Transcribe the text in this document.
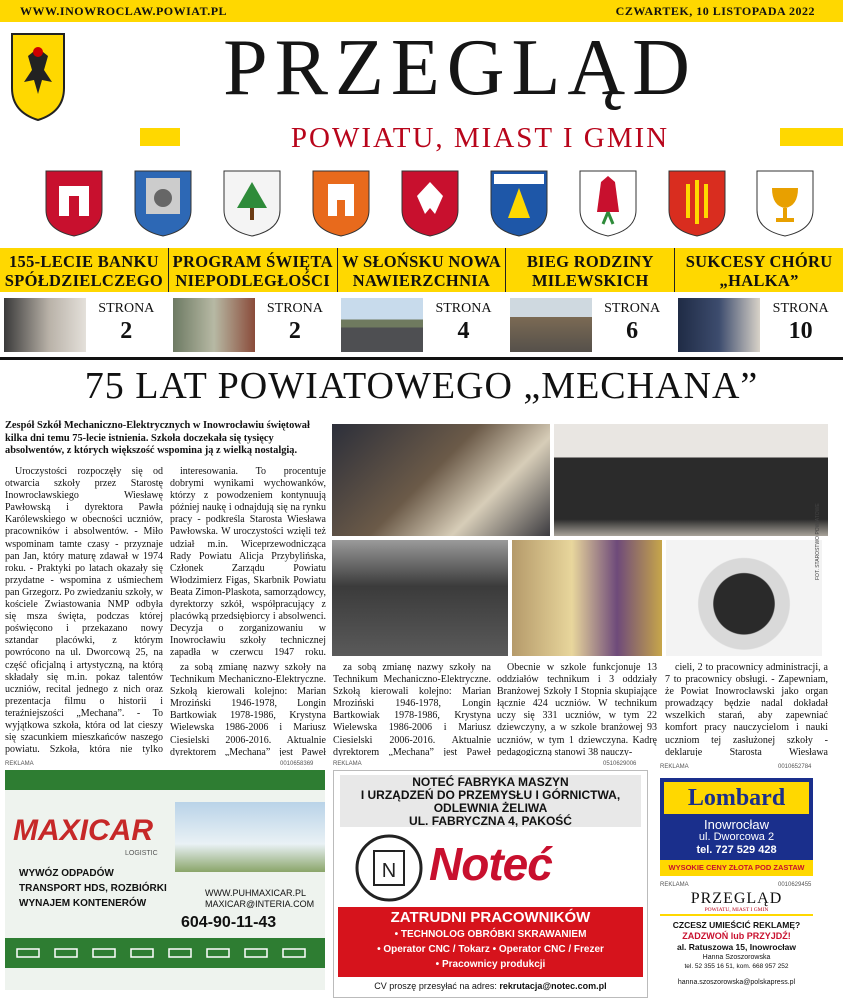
WWW.INOWROCLAW.POWIAT.PL	CZWARTEK, 10 LISTOPADA 2022
PRZEGLĄD
POWIATU, MIAST I GMIN
155-LECIE BANKU
SPÓŁDZIELCZEGO
PROGRAM ŚWIĘTA
NIEPODLEGŁOŚCI
W SŁOŃSKU NOWA
NAWIERZCHNIA
BIEG RODZINY
MILEWSKICH
SUKCESY CHÓRU
„HALKA”
STRONA
2
STRONA
2
STRONA
4
STRONA
6
STRONA
10
75 LAT POWIATOWEGO „MECHANA”
Zespół Szkół Mechaniczno-Elektrycznych w Inowrocławiu świętował kilka dni temu 75-lecie istnienia. Szkoła doczekała się tysięcy absolwentów, z których większość wspomina ją z wielką nostalgią.

Uroczystości rozpoczęły się od otwarcia szkoły przez Starostę Inowrocławskiego Wiesławę Pawłowską i dyrektora Pawła Karólewskiego w obecności uczniów, pracowników i absolwentów. - Miło wspominam tamte czasy - przyznaje pan Jan, który maturę zdawał w 1974 roku. - Praktyki po latach okazały się przydatne - wspomina z uśmiechem pan Grzegorz. Po zwiedzaniu szkoły, w kościele Zwiastowania NMP odbyła się msza święta, podczas której poświęcono i przekazano nowy sztandar placówki, z którym powrócono na ul. Dworcową 25, na część oficjalną i artystyczną, na którą składały się m.in. pokaz talentów uczniów, recital jednego z nich oraz prezentacja filmu o historii i teraźniejszości „Mechana”. - To wyjątkowa szkoła, która od lat cieszy się szacunkiem mieszkańców naszego powiatu. Szkoła, która nie tylko

interesowania. To procentuje dobrymi wynikami wychowanków, którzy z powodzeniem kontynuują później naukę i odnajdują się na rynku pracy - podkreśla Starosta Wiesława Pawłowska. W uroczystości wzięli też udział m.in. Wiceprzewodnicząca Rady Powiatu Alicja Przybylińska, Członek Zarządu Powiatu Włodzimierz Figas, Skarbnik Powiatu Beata Zimon-Plaskota, samorządowcy, dyrektorzy szkół, współpracujący z placówką przedsiębiorcy i absolwenci. Decyzja o zorganizowaniu w Inowrocławiu szkoły technicznej zapadła w czerwcu 1947 roku.

za sobą zmianę nazwy szkoły na Technikum Mechaniczno-Elektryczne. Szkołą kierowali kolejno: Marian Mroziński 1946-1978, Longin Bartkowiak 1978-1986, Krystyna Wielewska 1986-2006 i Mariusz Ciesielski 2006-2016. Aktualnie dyrektorem „Mechana” jest Paweł

Obecnie w szkole funkcjonuje 13 oddziałów technikum i 3 oddziały Branżowej Szkoły I Stopnia skupiające łącznie 424 uczniów. W technikum uczy się 331 uczniów, w tym 22 dziewczyny, a w szkole branżowej 93 uczniów, w tym 1 dziewczyna. Kadrę pedagogiczną stanowi 38 nauczy-

za sobą zmianę nazwy szkoły na Technikum Mechaniczno-Elektryczne. Szkołą kierowali kolejno: Marian Mroziński 1946-1978, Longin Bartkowiak 1978-1986, Krystyna Wielewska 1986-2006 i Mariusz Ciesielski 2006-2016. Aktualnie dyrektorem „Mechana” jest Paweł

cieli, 2 to pracownicy administracji, a 7 to pracownicy obsługi. - Zapewniam, że Powiat Inowrocławski jako organ prowadzący będzie nadal dokładał wszelkich starań, aby zapewniać komfort pracy nauczycielom i nauki uczniom tej zasłużonej szkoły - deklaruje Starosta Wiesława

FOT. STAROSTWO POWIATOWE
REKLAMA	0010658369	REKLAMA	0510629006	REKLAMA	0010652784
MAXICAR
LOGISTIC
WYWÓZ ODPADÓW
TRANSPORT HDS, ROZBIÓRKI
WYNAJEM KONTENERÓW
WWW.PUHMAXICAR.PL
MAXICAR@INTERIA.COM
604-90-11-43
NOTEĆ FABRYKA MASZYN
I URZĄDZEŃ DO PRZEMYSŁU I GÓRNICTWA,
ODLEWNIA ŻELIWA
UL. FABRYCZNA 4, PAKOŚĆ
N Noteć
ZATRUDNI PRACOWNIKÓW
• TECHNOLOG OBRÓBKI SKRAWANIEM
• Operator CNC / Tokarz • Operator CNC / Frezer
• Pracownicy produkcji
CV proszę przesyłać na adres: rekrutacja@notec.com.pl
Lombard
Inowrocław
ul. Dworcowa 2
tel. 727 529 428
WYSOKIE CENY ZŁOTA POD ZASTAW
REKLAMA	0010629455
PRZEGLĄD
POWIATU, MIAST I GMIN
CZCESZ UMIEŚCIĆ REKLAMĘ?
ZADZWOŃ lub PRZYJDŹ!
al. Ratuszowa 15, Inowrocław
Hanna Szoszorowska
tel. 52 355 16 51, kom. 668 957 252
hanna.szoszorowska@polskapress.pl
